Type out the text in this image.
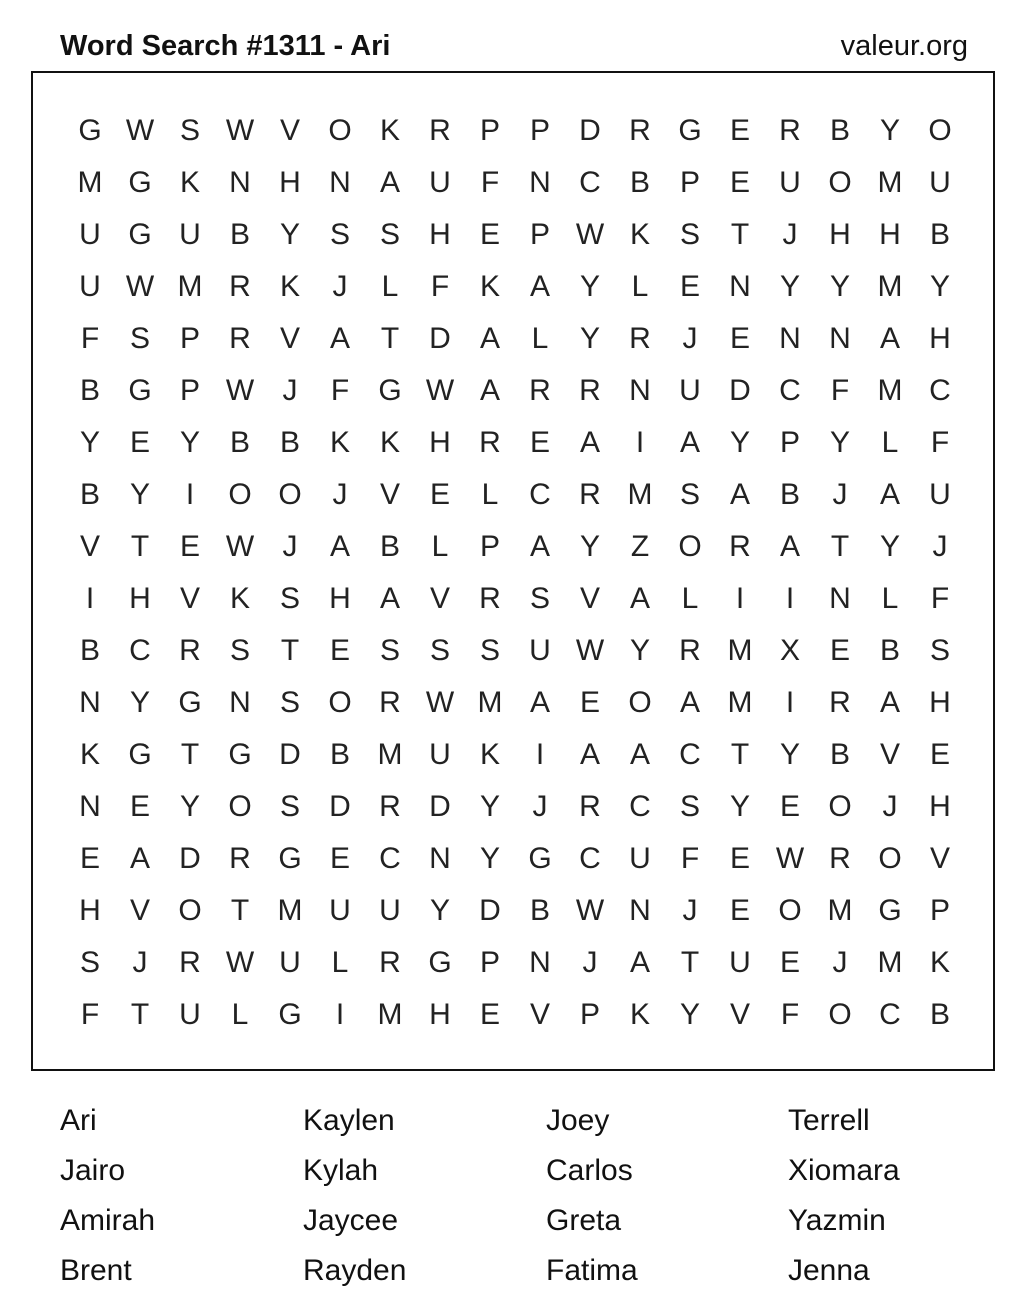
Word Search #1311 - Ari	valeur.org
G W S W V O K R P P D R G E R B Y O
M G K N H N A U	F	N C B P E U O M U
U G U B Y S S H E P W K S	T	J	H H B
U W M R K	J	L	F	K A Y	L	E N Y Y M Y
F	S P R V A	T	D A	L	Y R	J	E N N A H
B G P W J	F G W A R R N U D C	F M C
Y E Y B B K K H R E A	I	A Y P Y	L	F
B Y	I	O O	J	V E	L	C R M S A B	J	A U
V	T	E W J	A B	L	P A Y	Z O R A	T	Y	J
I	H V K S H A V R S V A	L	I	I	N	L	F
B C R S	T	E S S S U W Y R M X E B S
N Y G N S O R W M A E O A M	I	R A H
K G T G D B M U K	I	A A C	T	Y B V E
N E Y O S D R D Y	J	R C S Y E O	J	H
E A D R G E C N Y G C U	F	E W R O V
H V O T M U U Y D B W N	J	E O M G P
S	J	R W U	L	R G P N	J	A	T	U E	J	M K
F	T	U	L G	I	M H E V P K Y V	F O C B
Ari	Kaylen	Joey	Terrell
Jairo	Kylah	Carlos	Xiomara
Amirah	Jaycee	Greta	Yazmin
Brent	Rayden	Fatima	Jenna
